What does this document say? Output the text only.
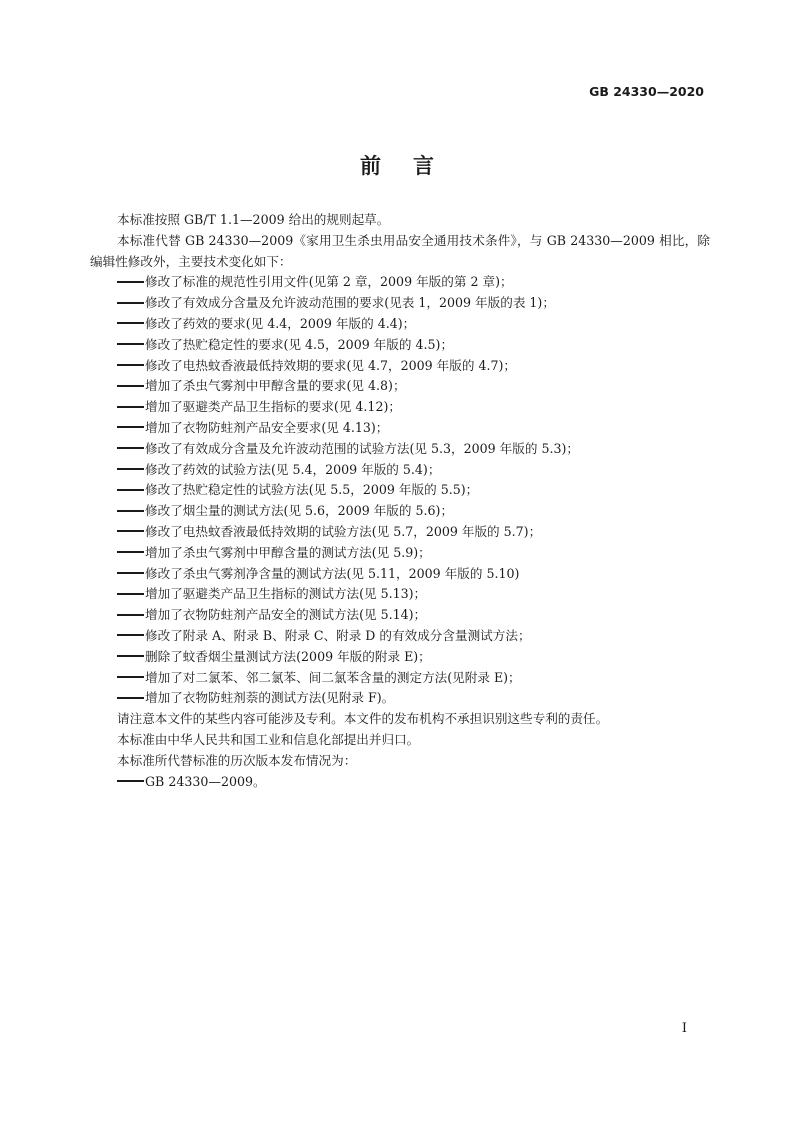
GB 24330—2020
前言
本标准按照 GB/T 1.1—2009 给出的规则起草。
本标准代替 GB 24330—2009《家用卫生杀虫用品安全通用技术条件》，与 GB 24330—2009 相比，除编辑性修改外，主要技术变化如下：
修改了标准的规范性引用文件(见第 2 章，2009 年版的第 2 章)；
修改了有效成分含量及允许波动范围的要求(见表 1，2009 年版的表 1)；
修改了药效的要求(见 4.4，2009 年版的 4.4)；
修改了热贮稳定性的要求(见 4.5，2009 年版的 4.5)；
修改了电热蚊香液最低持效期的要求(见 4.7，2009 年版的 4.7)；
增加了杀虫气雾剂中甲醇含量的要求(见 4.8)；
增加了驱避类产品卫生指标的要求(见 4.12)；
增加了衣物防蛀剂产品安全要求(见 4.13)；
修改了有效成分含量及允许波动范围的试验方法(见 5.3，2009 年版的 5.3)；
修改了药效的试验方法(见 5.4，2009 年版的 5.4)；
修改了热贮稳定性的试验方法(见 5.5，2009 年版的 5.5)；
修改了烟尘量的测试方法(见 5.6，2009 年版的 5.6)；
修改了电热蚊香液最低持效期的试验方法(见 5.7，2009 年版的 5.7)；
增加了杀虫气雾剂中甲醇含量的测试方法(见 5.9)；
修改了杀虫气雾剂净含量的测试方法(见 5.11，2009 年版的 5.10)
增加了驱避类产品卫生指标的测试方法(见 5.13)；
增加了衣物防蛀剂产品安全的测试方法(见 5.14)；
修改了附录 A、附录 B、附录 C、附录 D 的有效成分含量测试方法；
删除了蚊香烟尘量测试方法(2009 年版的附录 E)；
增加了对二氯苯、邻二氯苯、间二氯苯含量的测定方法(见附录 E)；
增加了衣物防蛀剂萘的测试方法(见附录 F)。
请注意本文件的某些内容可能涉及专利。本文件的发布机构不承担识别这些专利的责任。
本标准由中华人民共和国工业和信息化部提出并归口。
本标准所代替标准的历次版本发布情况为：
GB 24330—2009。
I
